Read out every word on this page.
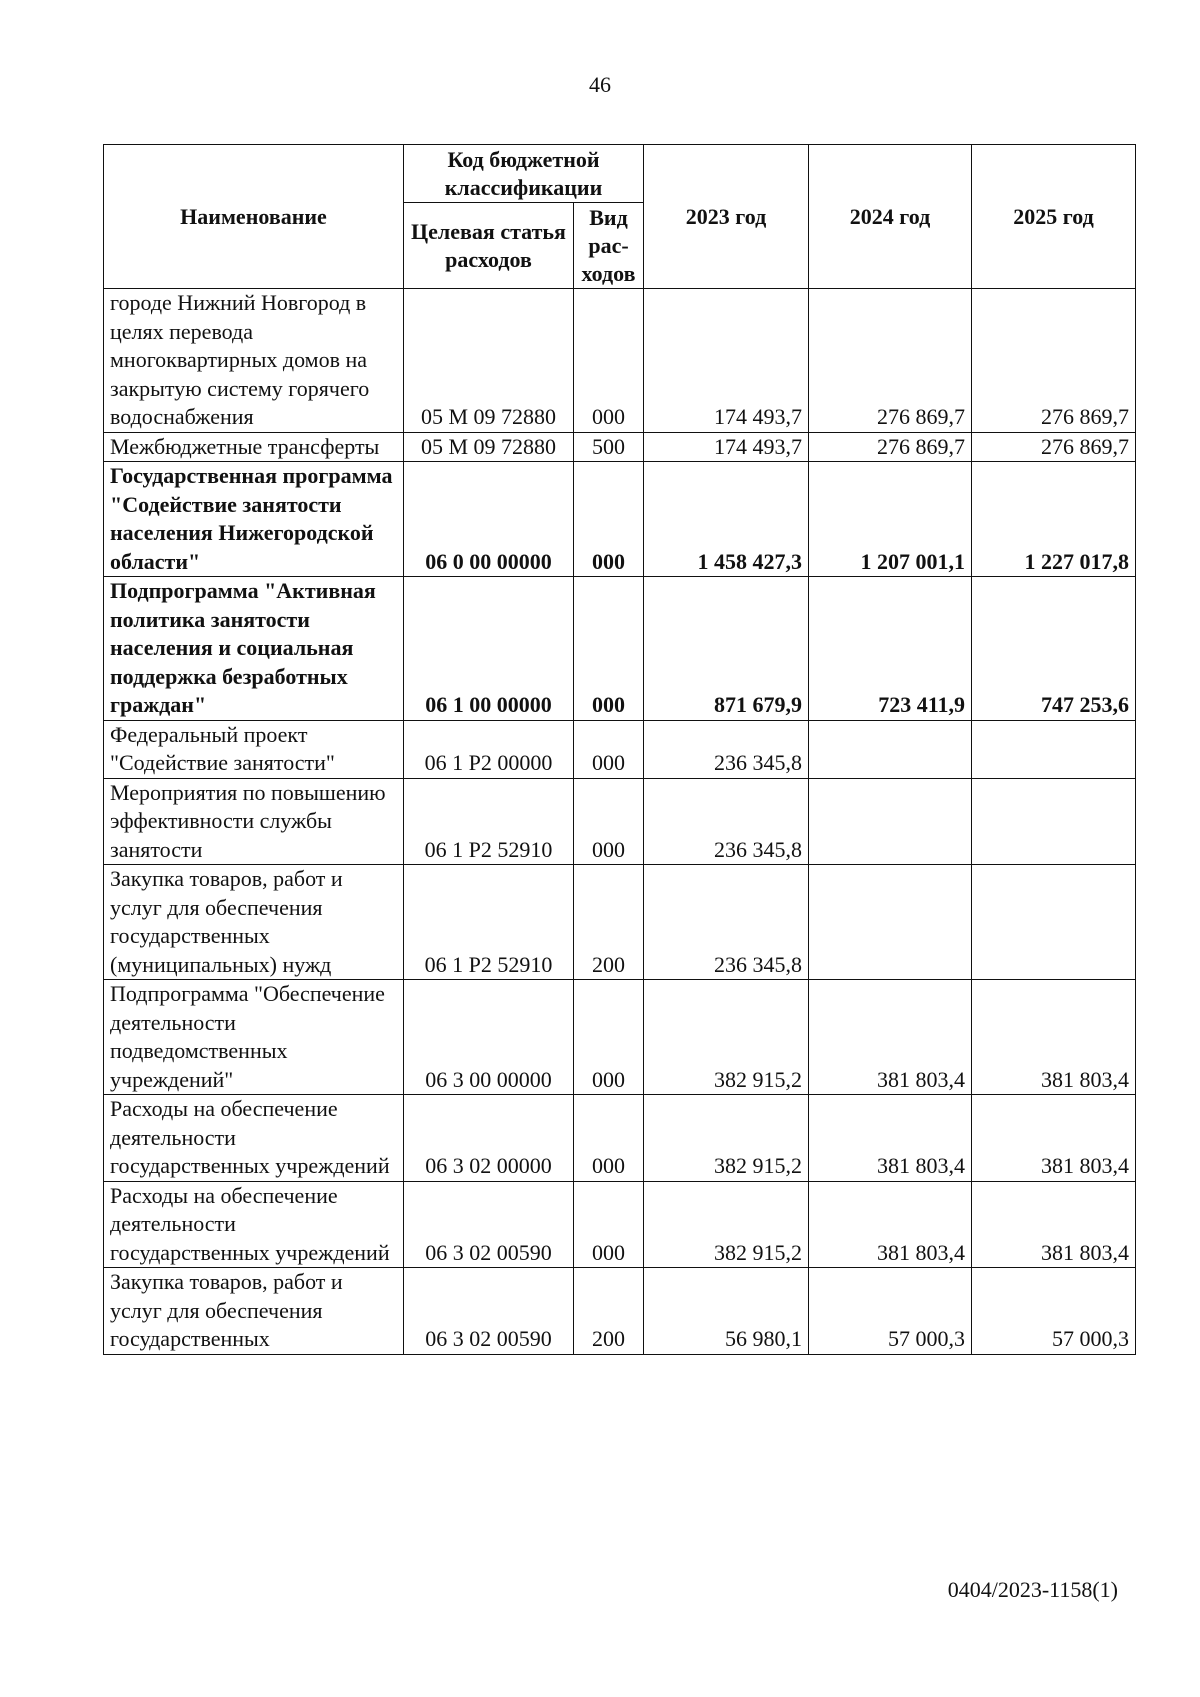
46
Наименование	Код бюджетной классификации		2023 год	2024 год	2025 год
	Целевая статья расходов	Вид рас-ходов			
городе Нижний Новгород в целях перевода многоквартирных домов на закрытую систему горячего водоснабжения	05 М 09 72880	000	174 493,7	276 869,7	276 869,7
Межбюджетные трансферты	05 М 09 72880	500	174 493,7	276 869,7	276 869,7
Государственная программа "Содействие занятости населения Нижегородской области"	06 0 00 00000	000	1 458 427,3	1 207 001,1	1 227 017,8
Подпрограмма "Активная политика занятости населения и социальная поддержка безработных граждан"	06 1 00 00000	000	871 679,9	723 411,9	747 253,6
Федеральный проект "Содействие занятости"	06 1 Р2 00000	000	236 345,8		
Мероприятия по повышению эффективности службы занятости	06 1 Р2 52910	000	236 345,8		
Закупка товаров, работ и услуг для обеспечения государственных (муниципальных) нужд	06 1 Р2 52910	200	236 345,8		
Подпрограмма "Обеспечение деятельности подведомственных учреждений"	06 3 00 00000	000	382 915,2	381 803,4	381 803,4
Расходы на обеспечение деятельности государственных учреждений	06 3 02 00000	000	382 915,2	381 803,4	381 803,4
Расходы на обеспечение деятельности государственных учреждений	06 3 02 00590	000	382 915,2	381 803,4	381 803,4
Закупка товаров, работ и услуг для обеспечения государственных	06 3 02 00590	200	56 980,1	57 000,3	57 000,3
0404/2023-1158(1)
